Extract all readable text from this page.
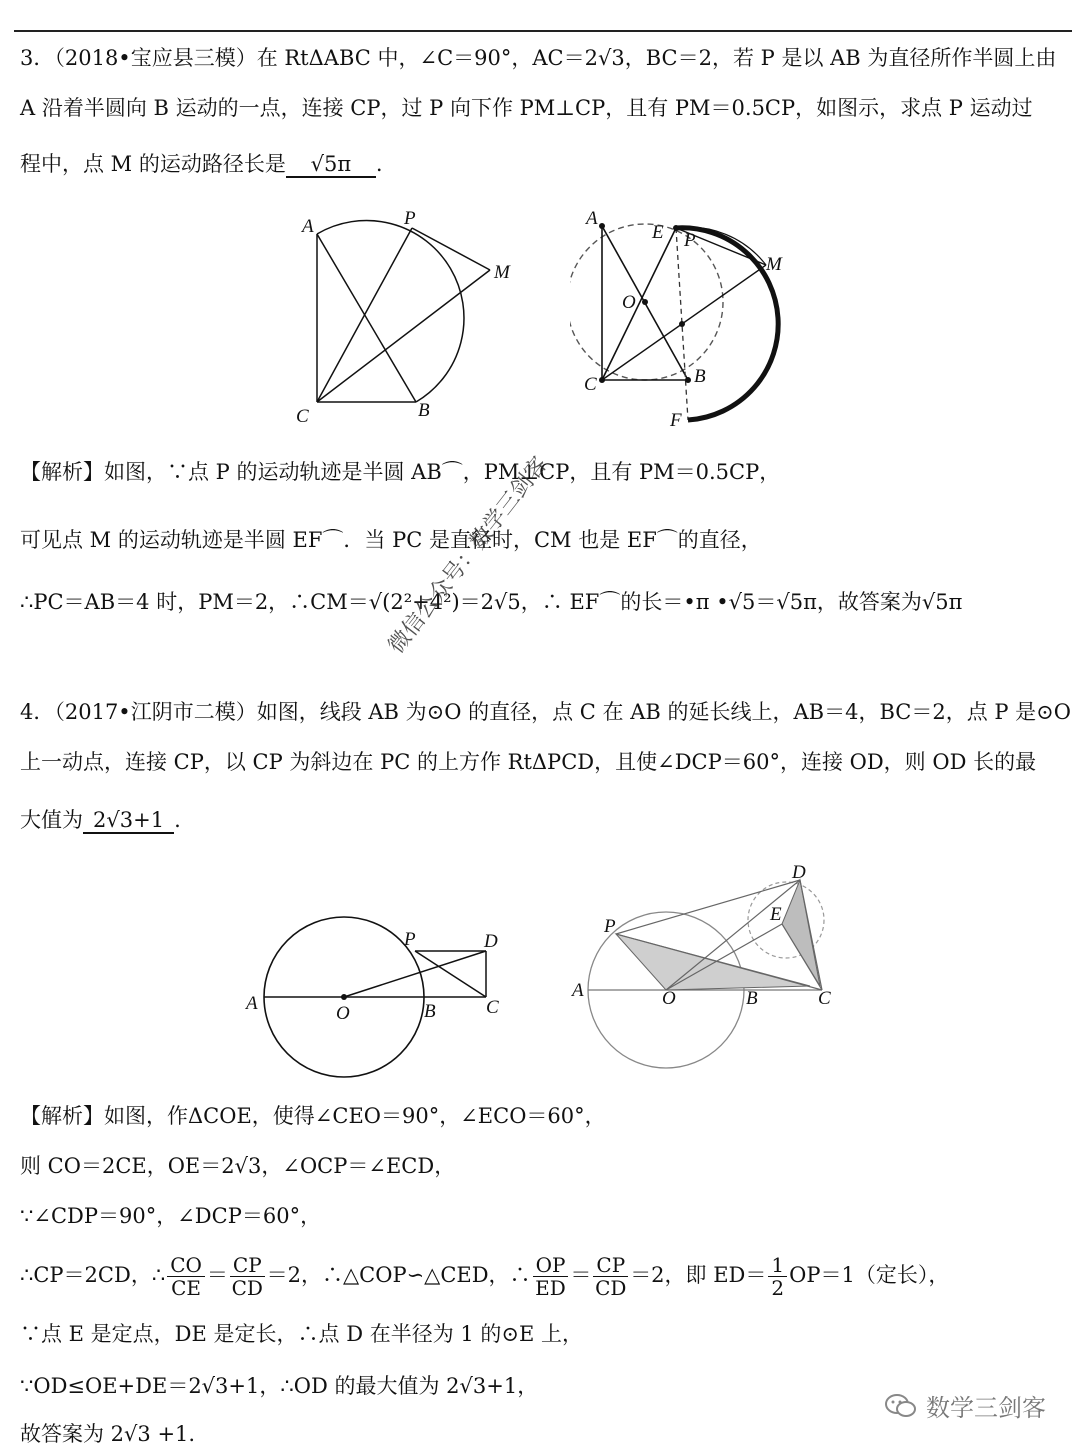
3．（2018•宝应县三模）在 RtΔABC 中，∠C＝90°，AC＝2√3，BC＝2，若 P 是以 AB 为直径所作半圆上由
A 沿着半圆向 B 运动的一点，连接 CP，过 P 向下作 PM⊥CP，且有 PM＝0.5CP，如图示，求点 P 运动过
程中，点 M 的运动路径长是 √5π .
A	P
M
C	B
A
E P
M
O
C	B
F
【解析】如图，∵点 P 的运动轨迹是半圆 AB⌒，PM⊥CP，且有 PM＝0.5CP，
可见点 M 的运动轨迹是半圆 EF⌒．当 PC 是直径时，CM 也是 EF⌒的直径，
∴PC＝AB＝4 时，PM＝2，∴CM＝√(2²+4²)＝2√5，∴ EF⌒的长＝•π •√5＝√5π，故答案为√5π
微信公众号：数学三剑客
4．（2017•江阴市二模）如图，线段 AB 为⊙O 的直径，点 C 在 AB 的延长线上，AB＝4，BC＝2，点 P 是⊙O
上一动点，连接 CP，以 CP 为斜边在 PC 的上方作 RtΔPCD，且使∠DCP＝60°，连接 OD，则 OD 长的最
大值为 2√3+1 .
P	D
A	O	B	C
D
E
P
A	O	B	C
【解析】如图，作ΔCOE，使得∠CEO＝90°，∠ECO＝60°，
则 CO＝2CE，OE＝2√3，∠OCP＝∠ECD，
∵∠CDP＝90°，∠DCP＝60°，
∴CP＝2CD，∴ $\frac{CO}{CE} = \frac{CP}{CD} =2$，∴△COP∽△CED，∴ $\frac{OP}{ED} = \frac{CP}{CD} =2$，即 $ED= \frac{1}{2} OP=1$（定长），
∵点 E 是定点，DE 是定长，∴点 D 在半径为 1 的⊙E 上，
∵OD≤OE+DE＝2√3+1，∴OD 的最大值为 2√3+1，
故答案为 2√3 +1.
数学三剑客
